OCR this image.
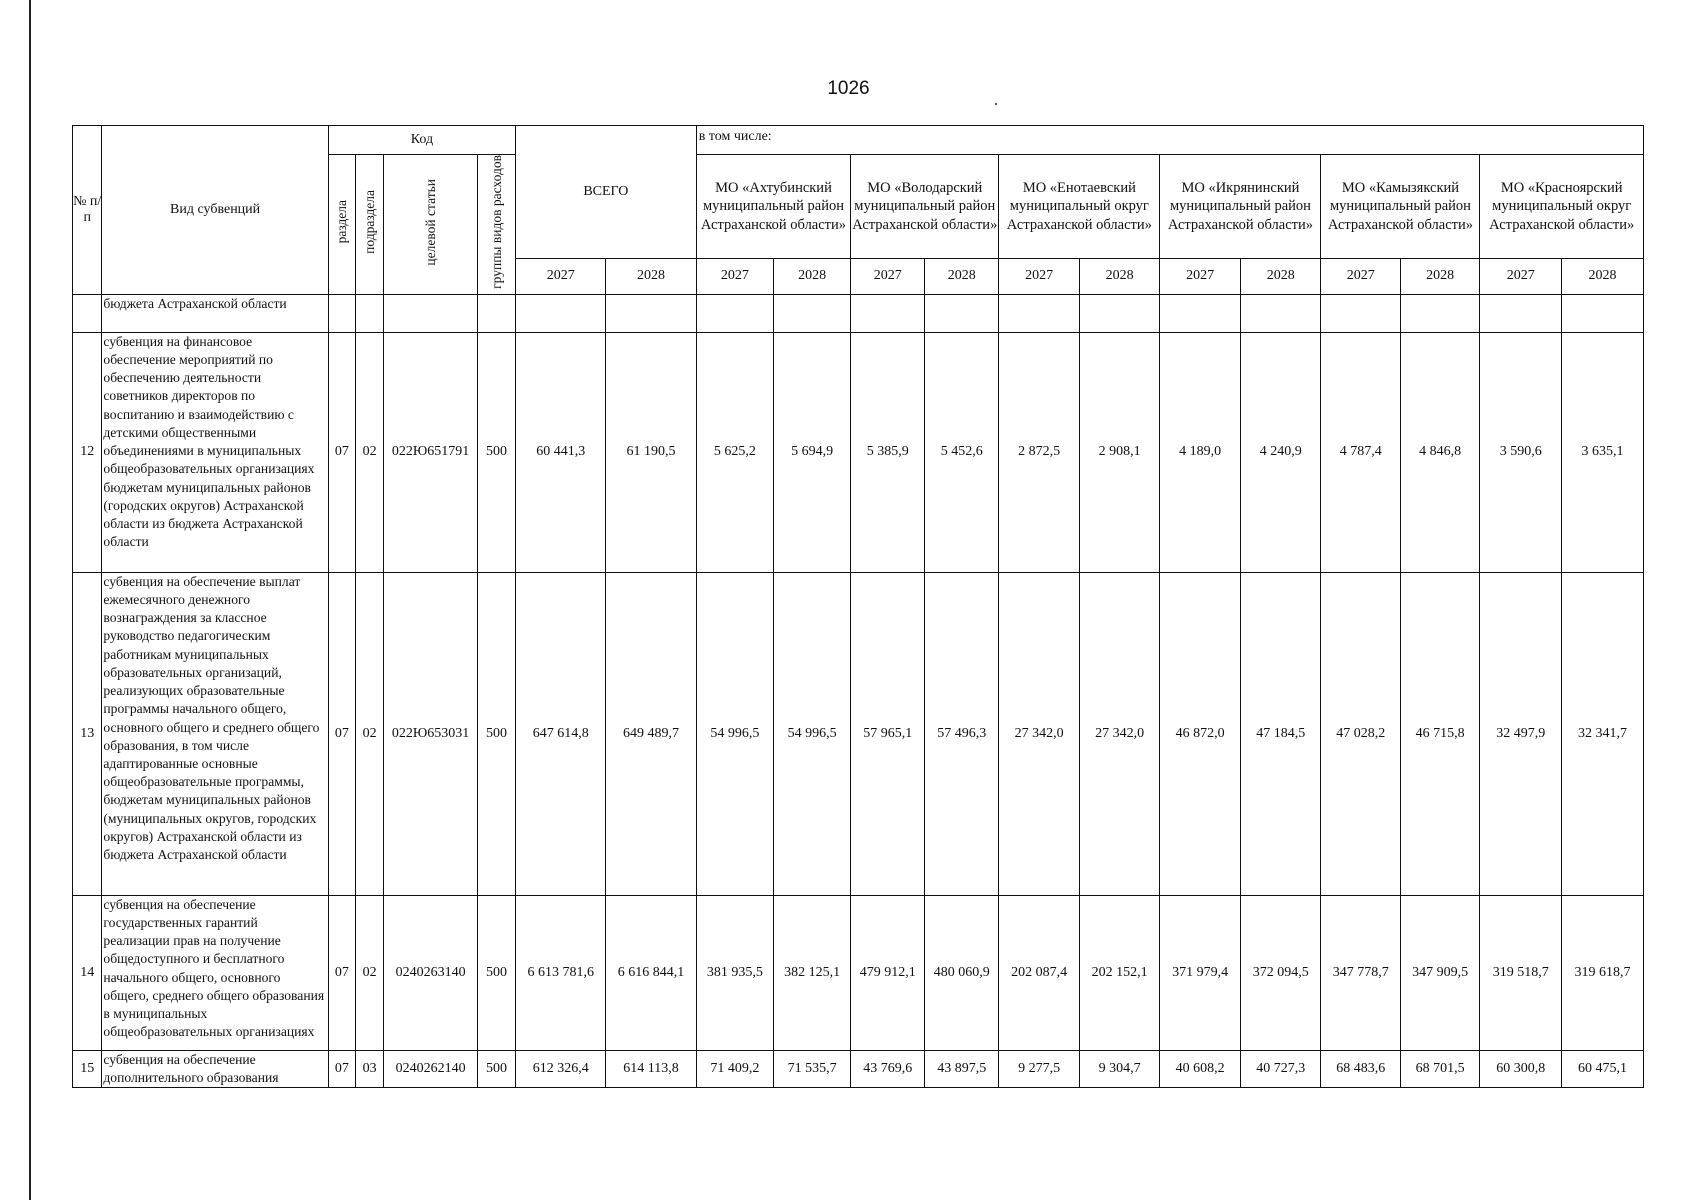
1026
№ п/п	Вид субвенций	Код				ВСЕГО		в том числе:											
		раздела	подраздела	целевой статьи	группы видов расходов			МО «Ахтубинский муниципальный район Астраханской области»		МО «Володарский муниципальный район Астраханской области»		МО «Енотаевский муниципальный округ Астраханской области»		МО «Икрянинский муниципальный район Астраханской области»		МО «Камызякский муниципальный район Астраханской области»		МО «Красноярский муниципальный округ Астраханской области»	
						2027	2028	2027	2028	2027	2028	2027	2028	2027	2028	2027	2028	2027	2028
	бюджета Астраханской области																		
12	субвенция на финансовое обеспечение мероприятий по обеспечению деятельности советников директоров по воспитанию и взаимодействию с детскими общественными объединениями в муниципальных общеобразовательных организациях бюджетам муниципальных районов (городских округов) Астраханской области из бюджета Астраханской области	07	02	022Ю651791	500	60 441,3	61 190,5	5 625,2	5 694,9	5 385,9	5 452,6	2 872,5	2 908,1	4 189,0	4 240,9	4 787,4	4 846,8	3 590,6	3 635,1
13	субвенция на обеспечение выплат ежемесячного денежного вознаграждения за классное руководство педагогическим работникам муниципальных образовательных организаций, реализующих образовательные программы начального общего, основного общего и среднего общего образования, в том числе адаптированные основные общеобразовательные программы, бюджетам муниципальных районов (муниципальных округов, городских округов) Астраханской области из бюджета Астраханской области	07	02	022Ю653031	500	647 614,8	649 489,7	54 996,5	54 996,5	57 965,1	57 496,3	27 342,0	27 342,0	46 872,0	47 184,5	47 028,2	46 715,8	32 497,9	32 341,7
14	субвенция на обеспечение государственных гарантий реализации прав на получение общедоступного и бесплатного начального общего, основного общего, среднего общего образования в муниципальных общеобразовательных организациях	07	02	0240263140	500	6 613 781,6	6 616 844,1	381 935,5	382 125,1	479 912,1	480 060,9	202 087,4	202 152,1	371 979,4	372 094,5	347 778,7	347 909,5	319 518,7	319 618,7
15	субвенция на обеспечение дополнительного образования	07	03	0240262140	500	612 326,4	614 113,8	71 409,2	71 535,7	43 769,6	43 897,5	9 277,5	9 304,7	40 608,2	40 727,3	68 483,6	68 701,5	60 300,8	60 475,1
